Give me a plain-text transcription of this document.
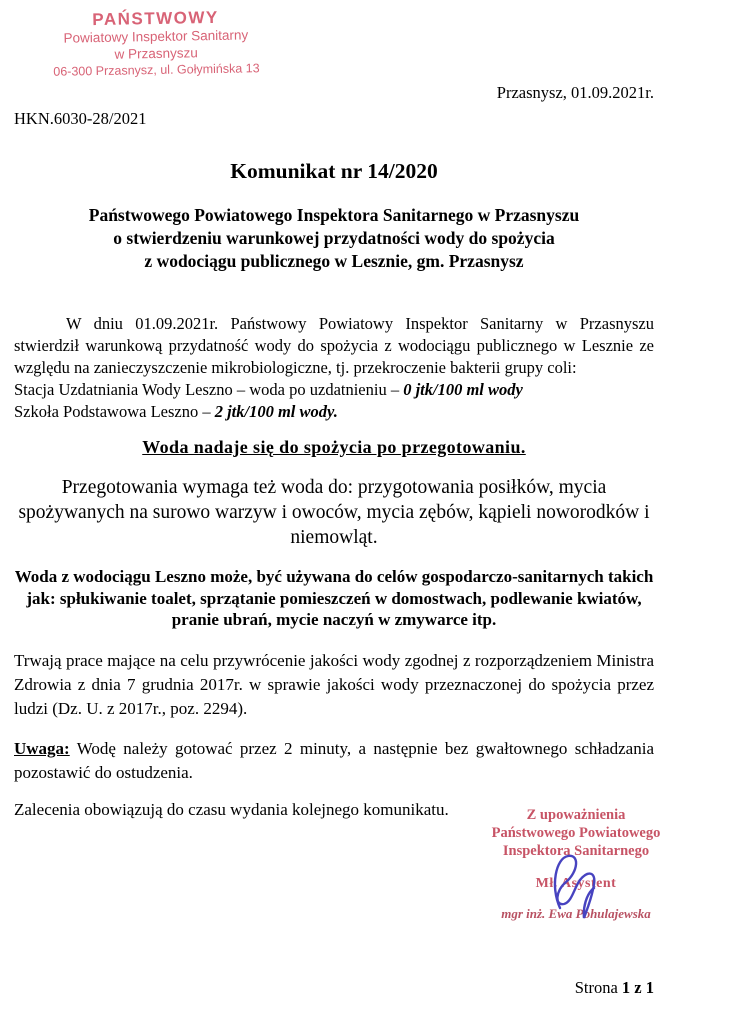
PAŃSTWOWY
Powiatowy Inspektor Sanitarny
w Przasnyszu
06-300 Przasnysz, ul. Gołymińska 13
Przasnysz, 01.09.2021r.
HKN.6030-28/2021
Komunikat nr 14/2020
Państwowego Powiatowego Inspektora Sanitarnego w Przasnyszu
o stwierdzeniu warunkowej przydatności wody do spożycia
z wodociągu publicznego w Lesznie, gm. Przasnysz
W dniu 01.09.2021r. Państwowy Powiatowy Inspektor Sanitarny w Przasnyszu stwierdził warunkową przydatność wody do spożycia z wodociągu publicznego w Lesznie ze względu na zanieczyszczenie mikrobiologiczne, tj. przekroczenie bakterii grupy coli:
Stacja Uzdatniania Wody Leszno – woda po uzdatnieniu – 0 jtk/100 ml wody
Szkoła Podstawowa Leszno – 2 jtk/100 ml wody.
Woda nadaje się do spożycia po przegotowaniu.
Przegotowania wymaga też woda do: przygotowania posiłków, mycia spożywanych na surowo warzyw i owoców, mycia zębów, kąpieli noworodków i niemowląt.
Woda z wodociągu Leszno może, być używana do celów gospodarczo-sanitarnych takich jak: spłukiwanie toalet, sprzątanie pomieszczeń w domostwach, podlewanie kwiatów, pranie ubrań, mycie naczyń w zmywarce itp.
Trwają prace mające na celu przywrócenie jakości wody zgodnej z rozporządzeniem Ministra Zdrowia z dnia 7 grudnia 2017r. w sprawie jakości wody przeznaczonej do spożycia przez ludzi (Dz. U. z 2017r., poz. 2294).
Uwaga: Wodę należy gotować przez 2 minuty, a następnie bez gwałtownego schładzania pozostawić do ostudzenia.
Zalecenia obowiązują do czasu wydania kolejnego komunikatu.	Z upoważnienia
Państwowego Powiatowego
Inspektora Sanitarnego
Mł. Asystent
mgr inż. Ewa Pohulajewska
Strona 1 z 1
